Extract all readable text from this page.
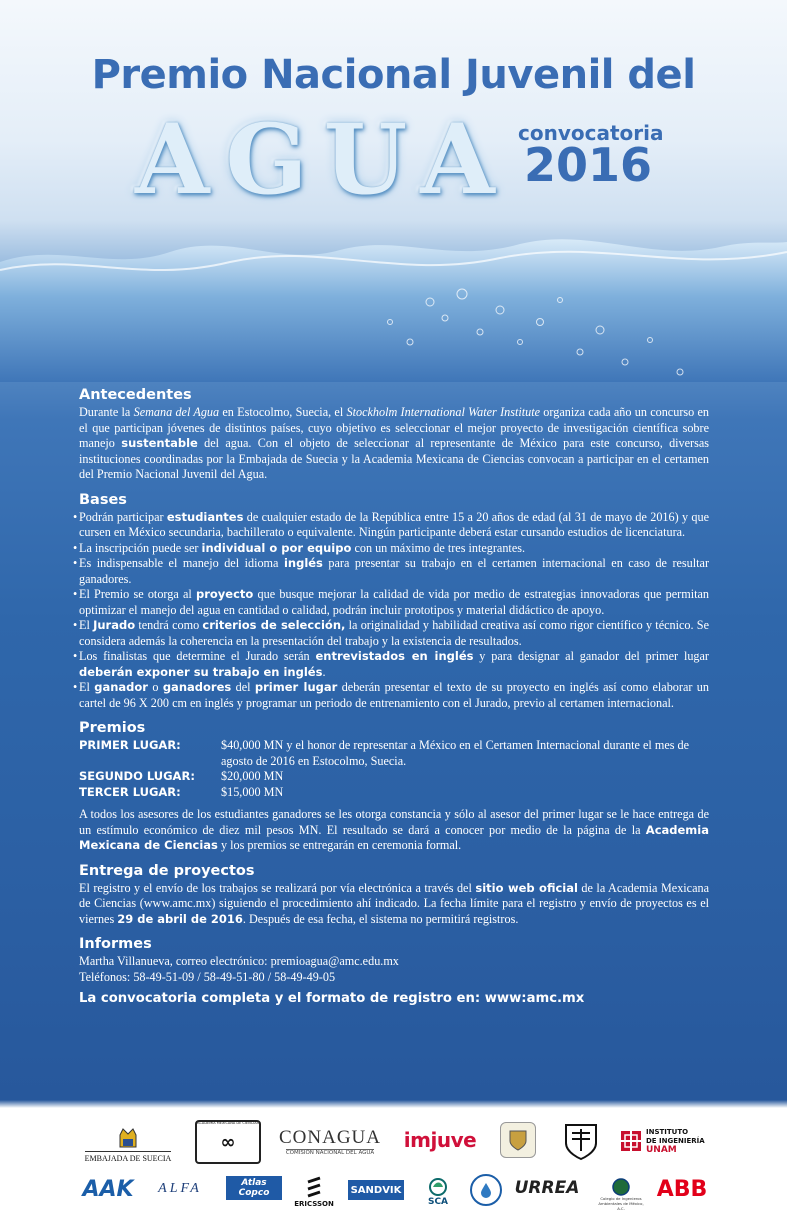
Premio Nacional Juvenil del
AGUA convocatoria
2016
Antecedentes

Durante la Semana del Agua en Estocolmo, Suecia, el Stockholm International Water Institute organiza cada año un concurso en el que participan jóvenes de distintos países, cuyo objetivo es seleccionar el mejor proyecto de investigación científica sobre manejo sustentable del agua. Con el objeto de seleccionar al representante de México para este concurso, diversas instituciones coordinadas por la Embajada de Suecia y la Academia Mexicana de Ciencias convocan a participar en el certamen del Premio Nacional Juvenil del Agua.

Bases
• Podrán participar estudiantes de cualquier estado de la República entre 15 a 20 años de edad (al 31 de mayo de 2016) y que cursen en México secundaria, bachillerato o equivalente. Ningún participante deberá estar cursando estudios de licenciatura.
• La inscripción puede ser individual o por equipo con un máximo de tres integrantes.
• Es indispensable el manejo del idioma inglés para presentar su trabajo en el certamen internacional en caso de resultar ganadores.
• El Premio se otorga al proyecto que busque mejorar la calidad de vida por medio de estrategias innovadoras que permitan optimizar el manejo del agua en cantidad o calidad, podrán incluir prototipos y material didáctico de apoyo.
• El Jurado tendrá como criterios de selección, la originalidad y habilidad creativa así como rigor científico y técnico. Se considera además la coherencia en la presentación del trabajo y la existencia de resultados.
• Los finalistas que determine el Jurado serán entrevistados en inglés y para designar al ganador del primer lugar deberán exponer su trabajo en inglés.
• El ganador o ganadores del primer lugar deberán presentar el texto de su proyecto en inglés así como elaborar un cartel de 96 X 200 cm en inglés y programar un periodo de entrenamiento con el Jurado, previo al certamen internacional.
Premios
PRIMER LUGAR:	$40,000 MN y el honor de representar a México en el Certamen Internacional durante el mes de agosto de 2016 en Estocolmo, Suecia.
SEGUNDO LUGAR:	$20,000 MN
TERCER LUGAR:	$15,000 MN

A todos los asesores de los estudiantes ganadores se les otorga constancia y sólo al asesor del primer lugar se le hace entrega de un estímulo económico de diez mil pesos MN. El resultado se dará a conocer por medio de la página de la Academia Mexicana de Ciencias y los premios se entregarán en ceremonia formal.

Entrega de proyectos

El registro y el envío de los trabajos se realizará por vía electrónica a través del sitio web oficial de la Academia Mexicana de Ciencias (www.amc.mx) siguiendo el procedimiento ahí indicado. La fecha límite para el registro y envío de proyectos es el viernes 29 de abril de 2016. Después de esa fecha, el sistema no permitirá registros.

Informes

Martha Villanueva, correo electrónico: premioagua@amc.edu.mx

Teléfonos: 58-49-51-09 / 58-49-51-80 / 58-49-49-05

La convocatoria completa y el formato de registro en: www:amc.mx
EMBAJADA DE SUECIA
∞
ACADEMIA MEXICANA DE CIENCIAS
CONAGUA
COMISIÓN NACIONAL DEL AGUA
imjuve	INSTITUTO
DE INGENIERÍA
UNAM
AAK ALFA	Atlas Copco
ERICSSON
SANDVIK
SCA
URREA	Colegio de Ingenieros Ambientales de México, A.C.
ABB
